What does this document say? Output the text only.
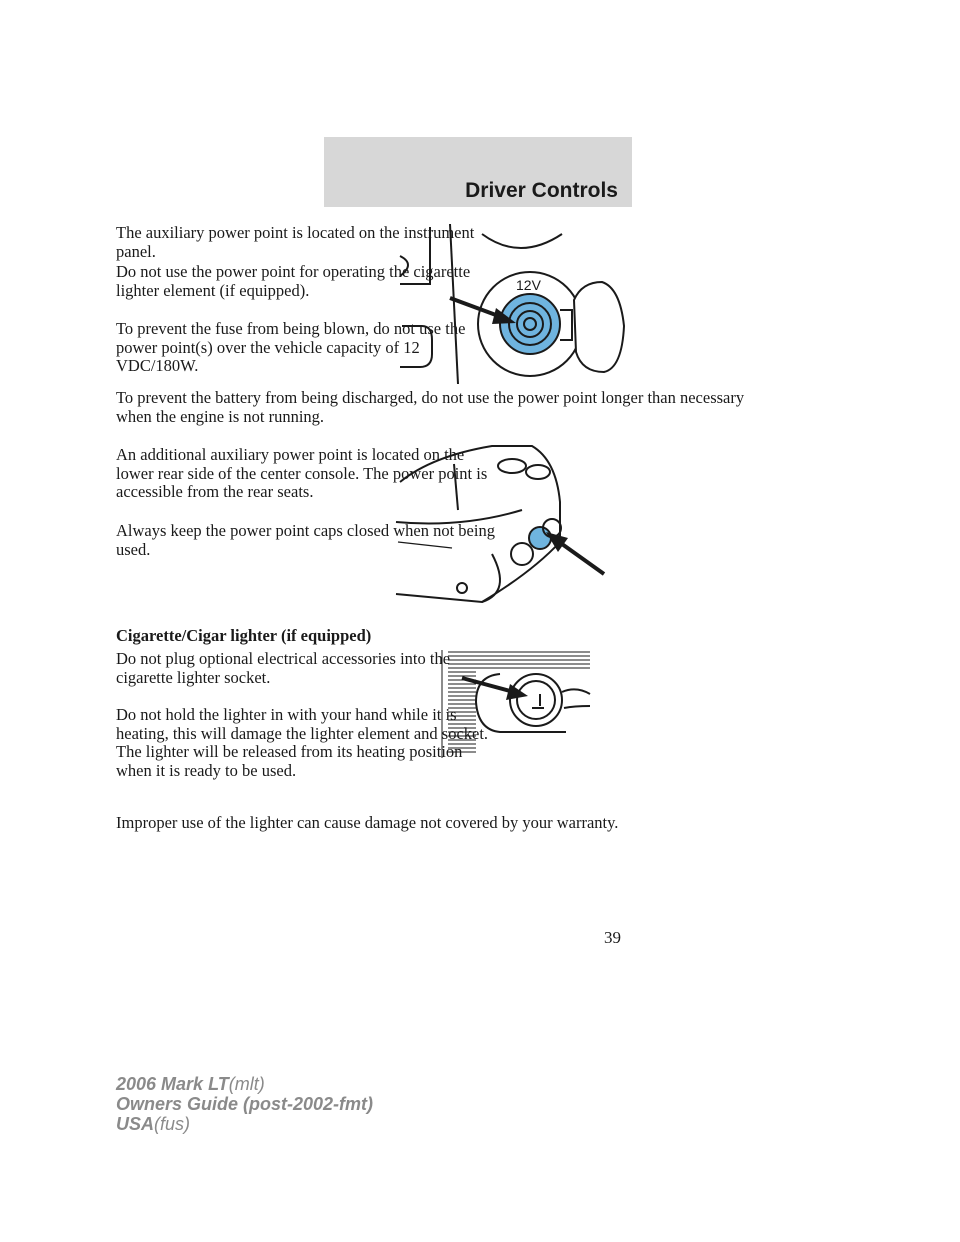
Driver Controls

The auxiliary power point is located on the instrument panel.

Do not use the power point for operating the cigarette lighter element (if equipped).

To prevent the fuse from being blown, do not use the power point(s) over the vehicle capacity of 12 VDC/180W.

To prevent the battery from being discharged, do not use the power point longer than necessary when the engine is not running.

An additional auxiliary power point is located on the lower rear side of the center console. The power point is accessible from the rear seats.

Always keep the power point caps closed when not being used.

Cigarette/Cigar lighter (if equipped)

Do not plug optional electrical accessories into the cigarette lighter socket.

Do not hold the lighter in with your hand while it is heating, this will damage the lighter element and socket. The lighter will be released from its heating position when it is ready to be used.

Improper use of the lighter can cause damage not covered by your warranty.

12V
39
2006 Mark LT(mlt)
Owners Guide (post-2002-fmt)
USA(fus)
